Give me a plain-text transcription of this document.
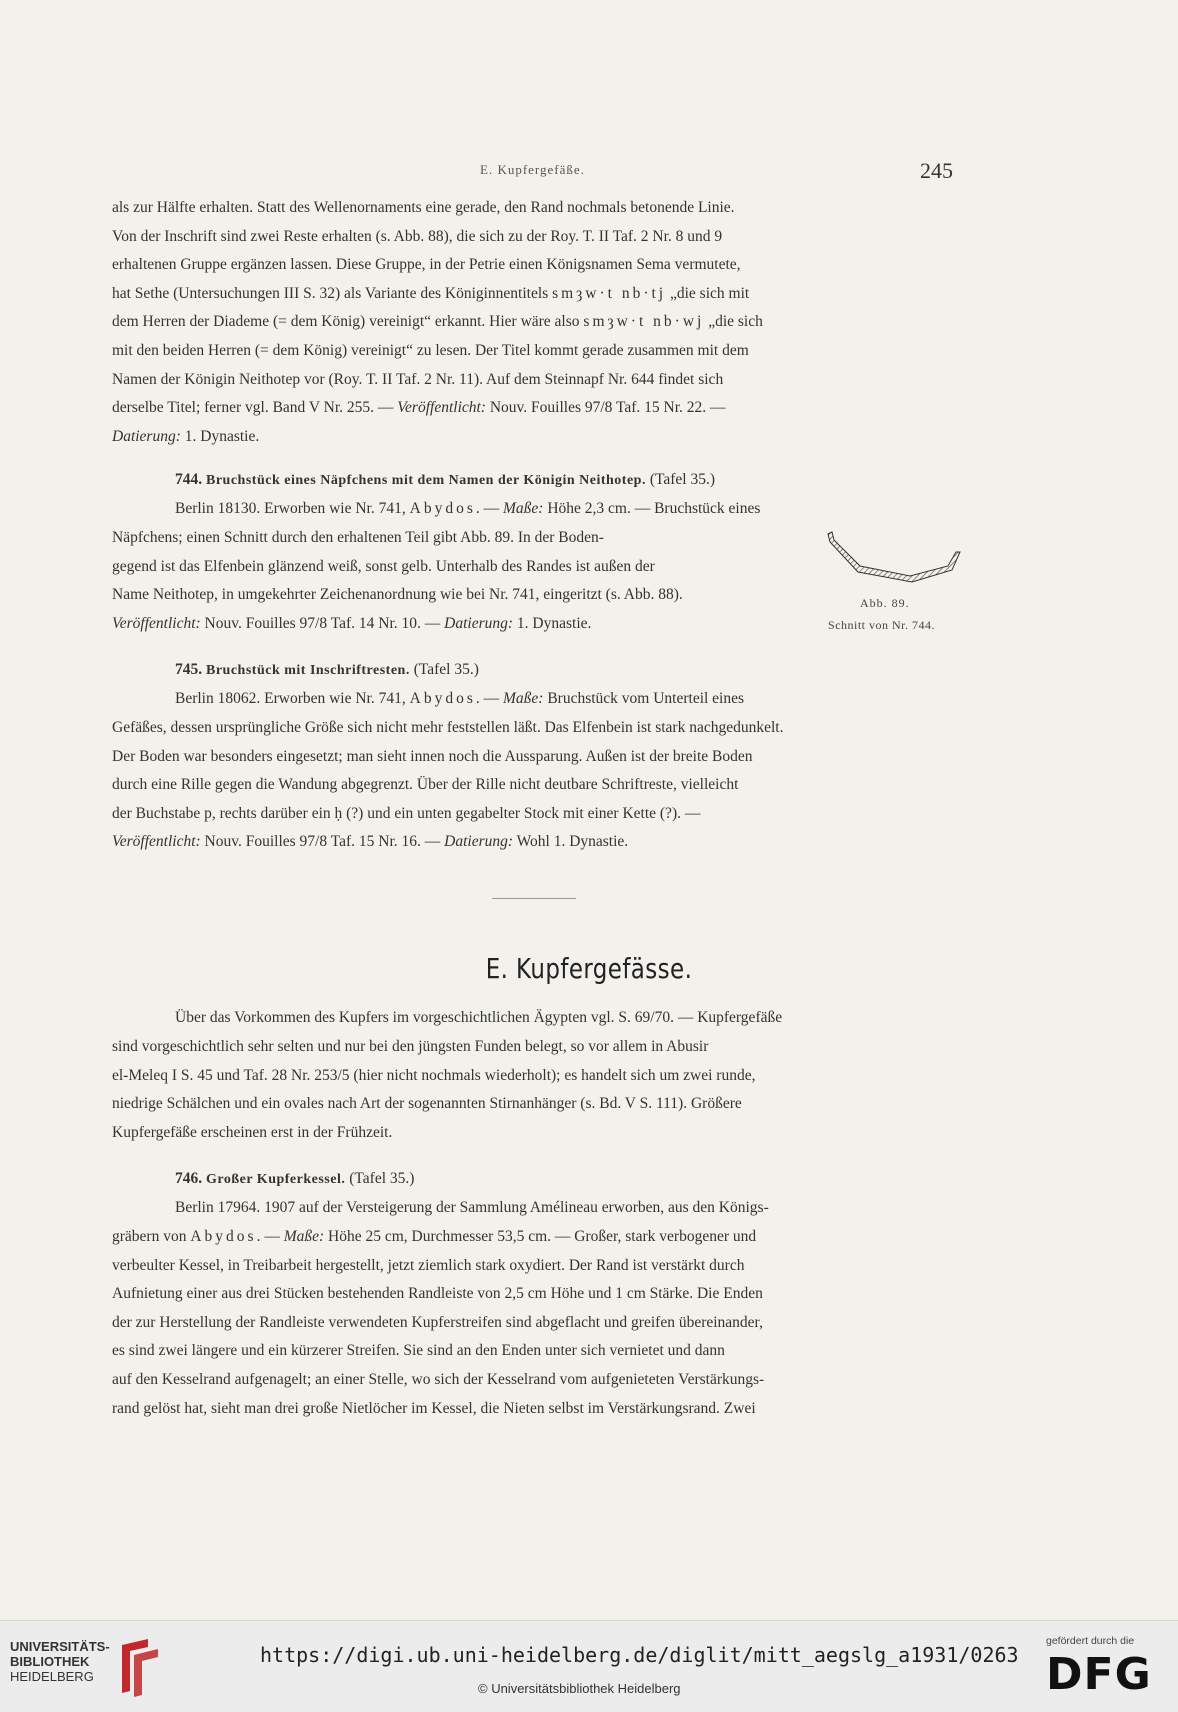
E. Kupfergefäße.	245
als zur Hälfte erhalten. Statt des Wellenornaments eine gerade, den Rand nochmals betonende Linie.
Von der Inschrift sind zwei Reste erhalten (s. Abb. 88), die sich zu der Roy. T. II Taf. 2 Nr. 8 und 9
erhaltenen Gruppe ergänzen lassen. Diese Gruppe, in der Petrie einen Königsnamen Sema vermutete,
hat Sethe (Untersuchungen III S. 32) als Variante des Königinnentitels smȝw·t nb·tj „die sich mit
dem Herren der Diademe (= dem König) vereinigt“ erkannt. Hier wäre also smȝw·t nb·wj „die sich
mit den beiden Herren (= dem König) vereinigt“ zu lesen. Der Titel kommt gerade zusammen mit dem
Namen der Königin Neithotep vor (Roy. T. II Taf. 2 Nr. 11). Auf dem Steinnapf Nr. 644 findet sich
derselbe Titel; ferner vgl. Band V Nr. 255. — Veröffentlicht: Nouv. Fouilles 97/8 Taf. 15 Nr. 22. —
Datierung: 1. Dynastie.
744. Bruchstück eines Näpfchens mit dem Namen der Königin Neithotep. (Tafel 35.)
Berlin 18130. Erworben wie Nr. 741, Abydos. — Maße: Höhe 2,3 cm. — Bruchstück eines
Näpfchens; einen Schnitt durch den erhaltenen Teil gibt Abb. 89. In der Boden-
gegend ist das Elfenbein glänzend weiß, sonst gelb. Unterhalb des Randes ist außen der
Name Neithotep, in umgekehrter Zeichenanordnung wie bei Nr. 741, eingeritzt (s. Abb. 88).
Veröffentlicht: Nouv. Fouilles 97/8 Taf. 14 Nr. 10. — Datierung: 1. Dynastie.
Abb. 89.
Schnitt von Nr. 744.
745. Bruchstück mit Inschriftresten. (Tafel 35.)
Berlin 18062. Erworben wie Nr. 741, Abydos. — Maße: Bruchstück vom Unterteil eines
Gefäßes, dessen ursprüngliche Größe sich nicht mehr feststellen läßt. Das Elfenbein ist stark nachgedunkelt.
Der Boden war besonders eingesetzt; man sieht innen noch die Aussparung. Außen ist der breite Boden
durch eine Rille gegen die Wandung abgegrenzt. Über der Rille nicht deutbare Schriftreste, vielleicht
der Buchstabe p, rechts darüber ein ḥ (?) und ein unten gegabelter Stock mit einer Kette (?). —
Veröffentlicht: Nouv. Fouilles 97/8 Taf. 15 Nr. 16. — Datierung: Wohl 1. Dynastie.
E. Kupfergefässe.
Über das Vorkommen des Kupfers im vorgeschichtlichen Ägypten vgl. S. 69/70. — Kupfergefäße
sind vorgeschichtlich sehr selten und nur bei den jüngsten Funden belegt, so vor allem in Abusir
el-Meleq I S. 45 und Taf. 28 Nr. 253/5 (hier nicht nochmals wiederholt); es handelt sich um zwei runde,
niedrige Schälchen und ein ovales nach Art der sogenannten Stirnanhänger (s. Bd. V S. 111). Größere
Kupfergefäße erscheinen erst in der Frühzeit.
746. Großer Kupferkessel. (Tafel 35.)
Berlin 17964. 1907 auf der Versteigerung der Sammlung Amélineau erworben, aus den Königs-
gräbern von Abydos. — Maße: Höhe 25 cm, Durchmesser 53,5 cm. — Großer, stark verbogener und
verbeulter Kessel, in Treibarbeit hergestellt, jetzt ziemlich stark oxydiert. Der Rand ist verstärkt durch
Aufnietung einer aus drei Stücken bestehenden Randleiste von 2,5 cm Höhe und 1 cm Stärke. Die Enden
der zur Herstellung der Randleiste verwendeten Kupferstreifen sind abgeflacht und greifen übereinander,
es sind zwei längere und ein kürzerer Streifen. Sie sind an den Enden unter sich vernietet und dann
auf den Kesselrand aufgenagelt; an einer Stelle, wo sich der Kesselrand vom aufgenieteten Verstärkungs-
rand gelöst hat, sieht man drei große Nietlöcher im Kessel, die Nieten selbst im Verstärkungsrand. Zwei
UNIVERSITÄTS-
BIBLIOTHEK
HEIDELBERG
https://digi.ub.uni-heidelberg.de/diglit/mitt_aegslg_a1931/0263
© Universitätsbibliothek Heidelberg
gefördert durch die
DFG
